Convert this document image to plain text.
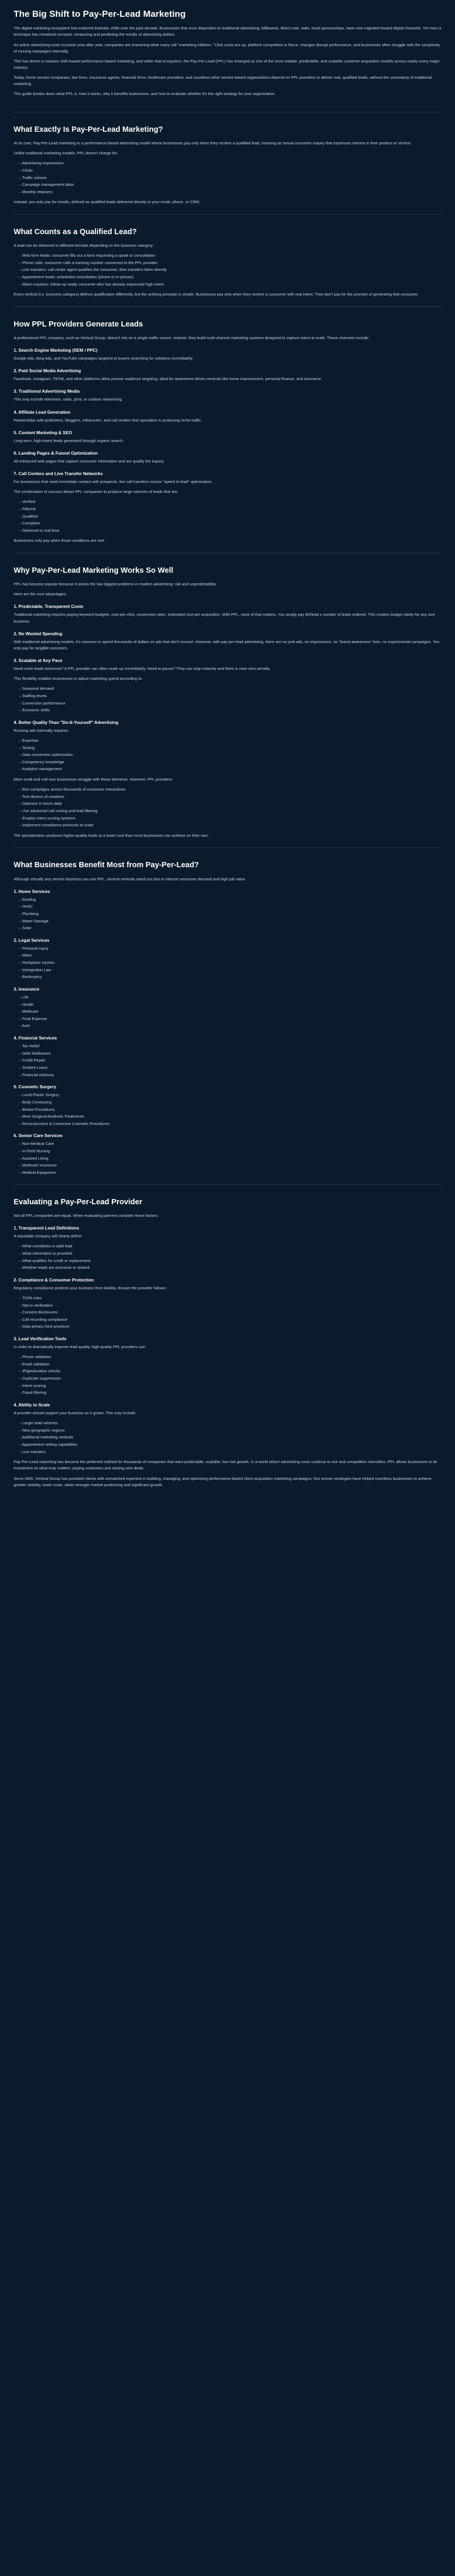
The Big Shift to Pay-Per-Lead Marketing

The digital marketing ecosystem has endured dramatic shifts over the past decade. Businesses that once depended on traditional advertising: billboards, direct mail, radio, local sponsorships, have now migrated toward digital channels. Yet even a technique has remained constant: measuring and predicting the results of advertising dollars.

As online advertising costs increase year after year, companies are examining what many call "marketing inflation." Click costs are up, platform competition is fierce, changes disrupt performance, and businesses often struggle with the complexity of running campaigns internally.

This has driven a massive shift toward performance-based marketing, and within that ecosystem, the Pay-Per-Lead (PPL) has emerged as one of the most reliable, predictable, and scalable customer acquisition models across nearly every major industry.

Today, home service companies, law firms, insurance agents, financial firms, healthcare providers, and countless other service-based organizations depend on PPL providers to deliver real, qualified leads, without the uncertainty of traditional marketing.

This guide breaks down what PPL is, how it works, why it benefits businesses, and how to evaluate whether it's the right strategy for your organization.

What Exactly Is Pay-Per-Lead Marketing?

At its core, Pay-Per-Lead marketing is a performance-based advertising model where businesses pay only when they receive a qualified lead, meaning an actual consumer inquiry that expresses interest in their product or service.

Unlike traditional marketing models, PPL doesn't charge for:

– Advertising impressions
– Clicks
– Traffic volume
– Campaign management labor
– Monthly retainers

Instead, you only pay for results, defined as qualified leads delivered directly to your email, phone, or CRM.

What Counts as a Qualified Lead?

A lead can be delivered in different formats depending on the business category:

– Web form leads: consumer fills out a form requesting a quote or consultation
– Phone calls: consumer calls a tracking number connected to the PPL provider
– Live transfers: call center agent qualifies the consumer, then transfers them directly
– Appointment leads: scheduled consultation (phone or in-person)
– Warm inquiries: follow-up ready consumer who has already expressed high intent

Every vertical (i.e. business category) defines qualification differently, but the unifying principle is simple: Businesses pay only when they receive a consumer with real intent. They don't pay for the promise of generating that consumer.

How PPL Providers Generate Leads

A professional PPL company, such as Vertical Group, doesn't rely on a single traffic source. Instead, they build multi-channel marketing systems designed to capture intent at scale. These channels include:

1. Search Engine Marketing (SEM / PPC)

Google Ads, Bing Ads, and YouTube campaigns targeted to buyers searching for solutions immediately.

2. Paid Social Media Advertising

Facebook, Instagram, TikTok, and other platforms allow precise audience targeting, ideal for awareness-driven verticals like home improvement, personal finance, and insurance.

3. Traditional Advertising Media

This may include television, radio, print, or outdoor advertising.

4. Affiliate Lead Generation

Partnerships with publishers, bloggers, influencers, and call centers that specialize in producing niche traffic.

5. Content Marketing & SEO

Long-term, high-intent leads generated through organic search.

6. Landing Pages & Funnel Optimization

All enhanced web pages that capture consumer information and are qualify the inquiry.

7. Call Centers and Live Transfer Networks

For businesses that need immediate contact with prospects, live call transfers ensure "speed to lead" optimization.

The combination of sources allows PPL companies to produce large volumes of leads that are:

– Verified
– Filtered
– Qualified
– Compliant
– Delivered in real-time

Businesses only pay when those conditions are met.

Why Pay-Per-Lead Marketing Works So Well

PPL has become popular because it solves the two biggest problems in modern advertising: risk and unpredictability.

Here are the core advantages:

1. Predictable, Transparent Costs

Traditional marketing requires paying keyword budgets, cost-per-click, conversion rates, estimated cost-per-acquisition. With PPL, none of that matters. You simply pay $X/lead x number of leads ordered. This creates budget clarity for any size business.

2. No Wasted Spending

With traditional advertising models, it's common to spend thousands of dollars on ads that don't convert. However, with pay-per-lead advertising, there are no junk ads, no impressions, no "brand awareness" fees, no experimental campaigns. You only pay for tangible outcomes.

3. Scalable at Any Pace

Need more leads tomorrow? A PPL provider can often scale up immediately. Need to pause? They can stop instantly and there is near-zero penalty.

This flexibility enables businesses to adjust marketing spend according to:

– Seasonal demand
– Staffing levels
– Conversion performance
– Economic shifts
4. Better Quality Than "Do-It-Yourself" Advertising

Running ads internally requires:

– Expertise
– Testing
– Data conversion optimization
– Competency knowledge
– Analytics management

Most small and mid-size businesses struggle with these elements. However, PPL providers:

– Run campaigns across thousands of consumer interactions
– Test dozens of creatives
– Optimize in hours daily
– Use advanced call routing and lead filtering
– Employ intent scoring systems
– Implement compliance protocols at scale

The specialization produces higher-quality leads at a lower cost than most businesses can achieve on their own.

What Businesses Benefit Most from Pay-Per-Lead?

Although virtually any service business can use PPL, several verticals stand out due to intense consumer demand and high job value.

1. Home Services
– Roofing
– HVAC
– Plumbing
– Water Damage
– Solar
2. Legal Services
– Personal Injury
– Mass
– Workplace Injuries
– Immigration Law
– Bankruptcy
3. Insurance
– Life
– Health
– Medicare
– Final Expense
– Auto
4. Financial Services
– Tax Relief
– Debt Settlement
– Credit Repair
– Student Loans
– Financial Advisory
5. Cosmetic Surgery
– Lucid Plastic Surgery
– Body Contouring
– Breast Procedures
– Mom Surgical Aesthetic Treatments
– Reconstructive & Corrective Cosmetic Procedures
6. Senior Care Services
– Non-Medical Care
– In-Field Nursing
– Assisted Living
– Medicare Insurance
– Medical Equipment
Evaluating a Pay-Per-Lead Provider

Not all PPL companies are equal. When evaluating partners consider these factors:

1. Transparent Lead Definitions

A reputable company will clearly define:

– What constitutes a valid lead
– What information is provided
– What qualifies for credit or replacement
– Whether leads are exclusive or shared
2. Compliance & Consumer Protection

Regulatory compliance protects your business from liability. Ensure the provider follows:

– TCPA rules
– Opt-in verification
– Consent disclosures
– Call recording compliance
– Data privacy best practices
3. Lead Verification Tools

In order to dramatically improve lead quality, high-quality PPL providers use:

– Phone validation
– Email validation
– IP/geolocation checks
– Duplicate suppression
– Intent scoring
– Fraud filtering
4. Ability to Scale

A provider should support your business as it grows. This may include:

– Larger lead volumes
– New geographic regions
– Additional marketing verticals
– Appointment setting capabilities
– Live transfers

Pay-Per-Lead marketing has become the preferred method for thousands of companies that want predictable, scalable, low-risk growth. In a world where advertising costs continue to rise and competition intensifies, PPL allows businesses to tie investment on what truly matters: paying customers and closing new deals.

Since SMS, Vertical Group has provided clients with unmatched expertise in building, managing, and optimizing performance-based client acquisition marketing campaigns. Our proven strategies have helped countless businesses to achieve greater visibility, lower costs, attain stronger market positioning and significant growth.
